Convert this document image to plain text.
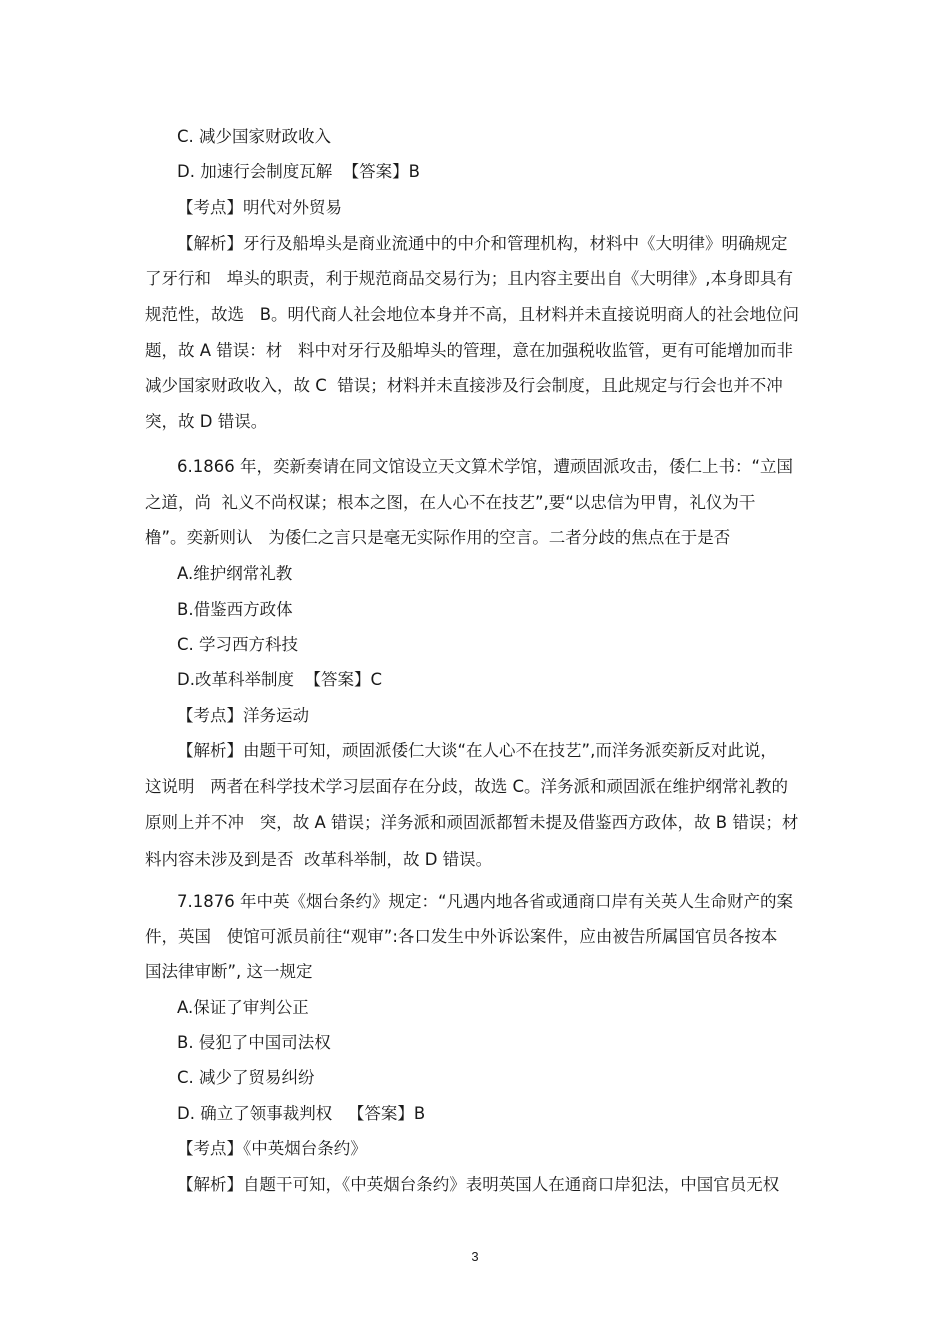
C. 减少国家财政收入

D. 加速行会制度瓦解  【答案】B

【考点】明代对外贸易

【解析】牙行及船埠头是商业流通中的中介和管理机构，材料中《大明律》明确规定

了牙行和   埠头的职责，利于规范商品交易行为；且内容主要出自《大明律》,本身即具有

规范性，故选   B。明代商人社会地位本身并不高，且材料并未直接说明商人的社会地位问

题，故 A 错误：材   料中对牙行及船埠头的管理，意在加强税收监管，更有可能增加而非

减少国家财政收入，故 C  错误；材料并未直接涉及行会制度，且此规定与行会也并不冲

突，故 D 错误。

6.1866 年，奕新奏请在同文馆设立天文算术学馆，遭顽固派攻击，倭仁上书：“立国

之道，尚  礼义不尚权谋；根本之图，在人心不在技艺”,要“以忠信为甲胄，礼仪为干

橹”。奕新则认   为倭仁之言只是毫无实际作用的空言。二者分歧的焦点在于是否

A.维护纲常礼教

B.借鉴西方政体

C. 学习西方科技

D.改革科举制度  【答案】C

【考点】洋务运动

【解析】由题干可知，顽固派倭仁大谈“在人心不在技艺”,而洋务派奕新反对此说，

这说明   两者在科学技术学习层面存在分歧，故选 C。洋务派和顽固派在维护纲常礼教的

原则上并不冲   突，故 A 错误；洋务派和顽固派都暂未提及借鉴西方政体，故 B 错误；材

料内容未涉及到是否  改革科举制，故 D 错误。

7.1876 年中英《烟台条约》规定：“凡遇内地各省或通商口岸有关英人生命财产的案

件，英国   使馆可派员前往“观审”:各口发生中外诉讼案件，应由被告所属国官员各按本

国法律审断”, 这一规定

A.保证了审判公正

B. 侵犯了中国司法权

C. 减少了贸易纠纷

D. 确立了领事裁判权   【答案】B

【考点】《中英烟台条约》

【解析】自题干可知，《中英烟台条约》表明英国人在通商口岸犯法，中国官员无权

3
